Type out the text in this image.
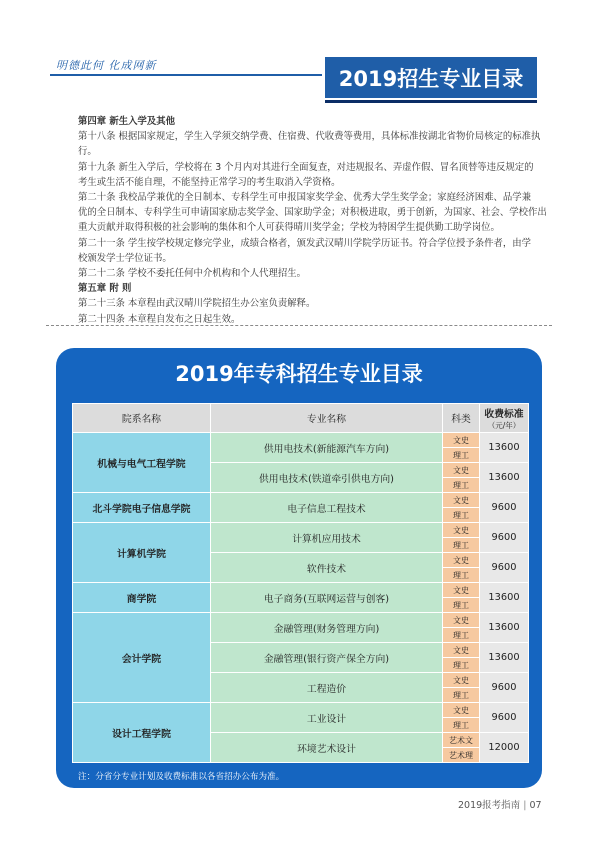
明德此何 化成网新
2019招生专业目录

第四章 新生入学及其他

第十八条 根据国家规定，学生入学须交纳学费、住宿费、代收费等费用，具体标准按湖北省物价局核定的标准执行。

第十九条 新生入学后，学校将在 3 个月内对其进行全面复查，对违规报名、弄虚作假、冒名顶替等违反规定的

考生或生活不能自理，不能坚持正常学习的考生取消入学资格。

第二十条 我校品学兼优的全日制本、专科学生可申报国家奖学金、优秀大学生奖学金；家庭经济困难、品学兼

优的全日制本、专科学生可申请国家励志奖学金、国家助学金；对积极进取，勇于创新，为国家、社会、学校作出

重大贡献并取得积极的社会影响的集体和个人可获得晴川奖学金；学校为特困学生提供勤工助学岗位。

第二十一条 学生按学校规定修完学业，成绩合格者，颁发武汉晴川学院学历证书。符合学位授予条件者，由学

校颁发学士学位证书。

第二十二条 学校不委托任何中介机构和个人代理招生。

第五章 附 则

第二十三条 本章程由武汉晴川学院招生办公室负责解释。

第二十四条 本章程自发布之日起生效。

2019年专科招生专业目录
院系名称	专业名称	科类	收费标准
（元/年）

机械与电气工程学院	供用电技术(新能源汽车方向)	文史	13600
		理工	
	供用电技术(铁道牵引供电方向)	文史	13600
		理工	
北斗学院电子信息学院	电子信息工程技术	文史	9600
		理工	
计算机学院	计算机应用技术	文史	9600
		理工	
	软件技术	文史	9600
		理工	
商学院	电子商务(互联网运营与创客)	文史	13600
		理工	
会计学院	金融管理(财务管理方向)	文史	13600
		理工	
	金融管理(银行资产保全方向)	文史	13600
		理工	
	工程造价	文史	9600
		理工	
设计工程学院	工业设计	文史	9600
		理工	
	环境艺术设计	艺术文	12000
		艺术理	
注：分省分专业计划及收费标准以各省招办公布为准。
2019报考指南 | 07
